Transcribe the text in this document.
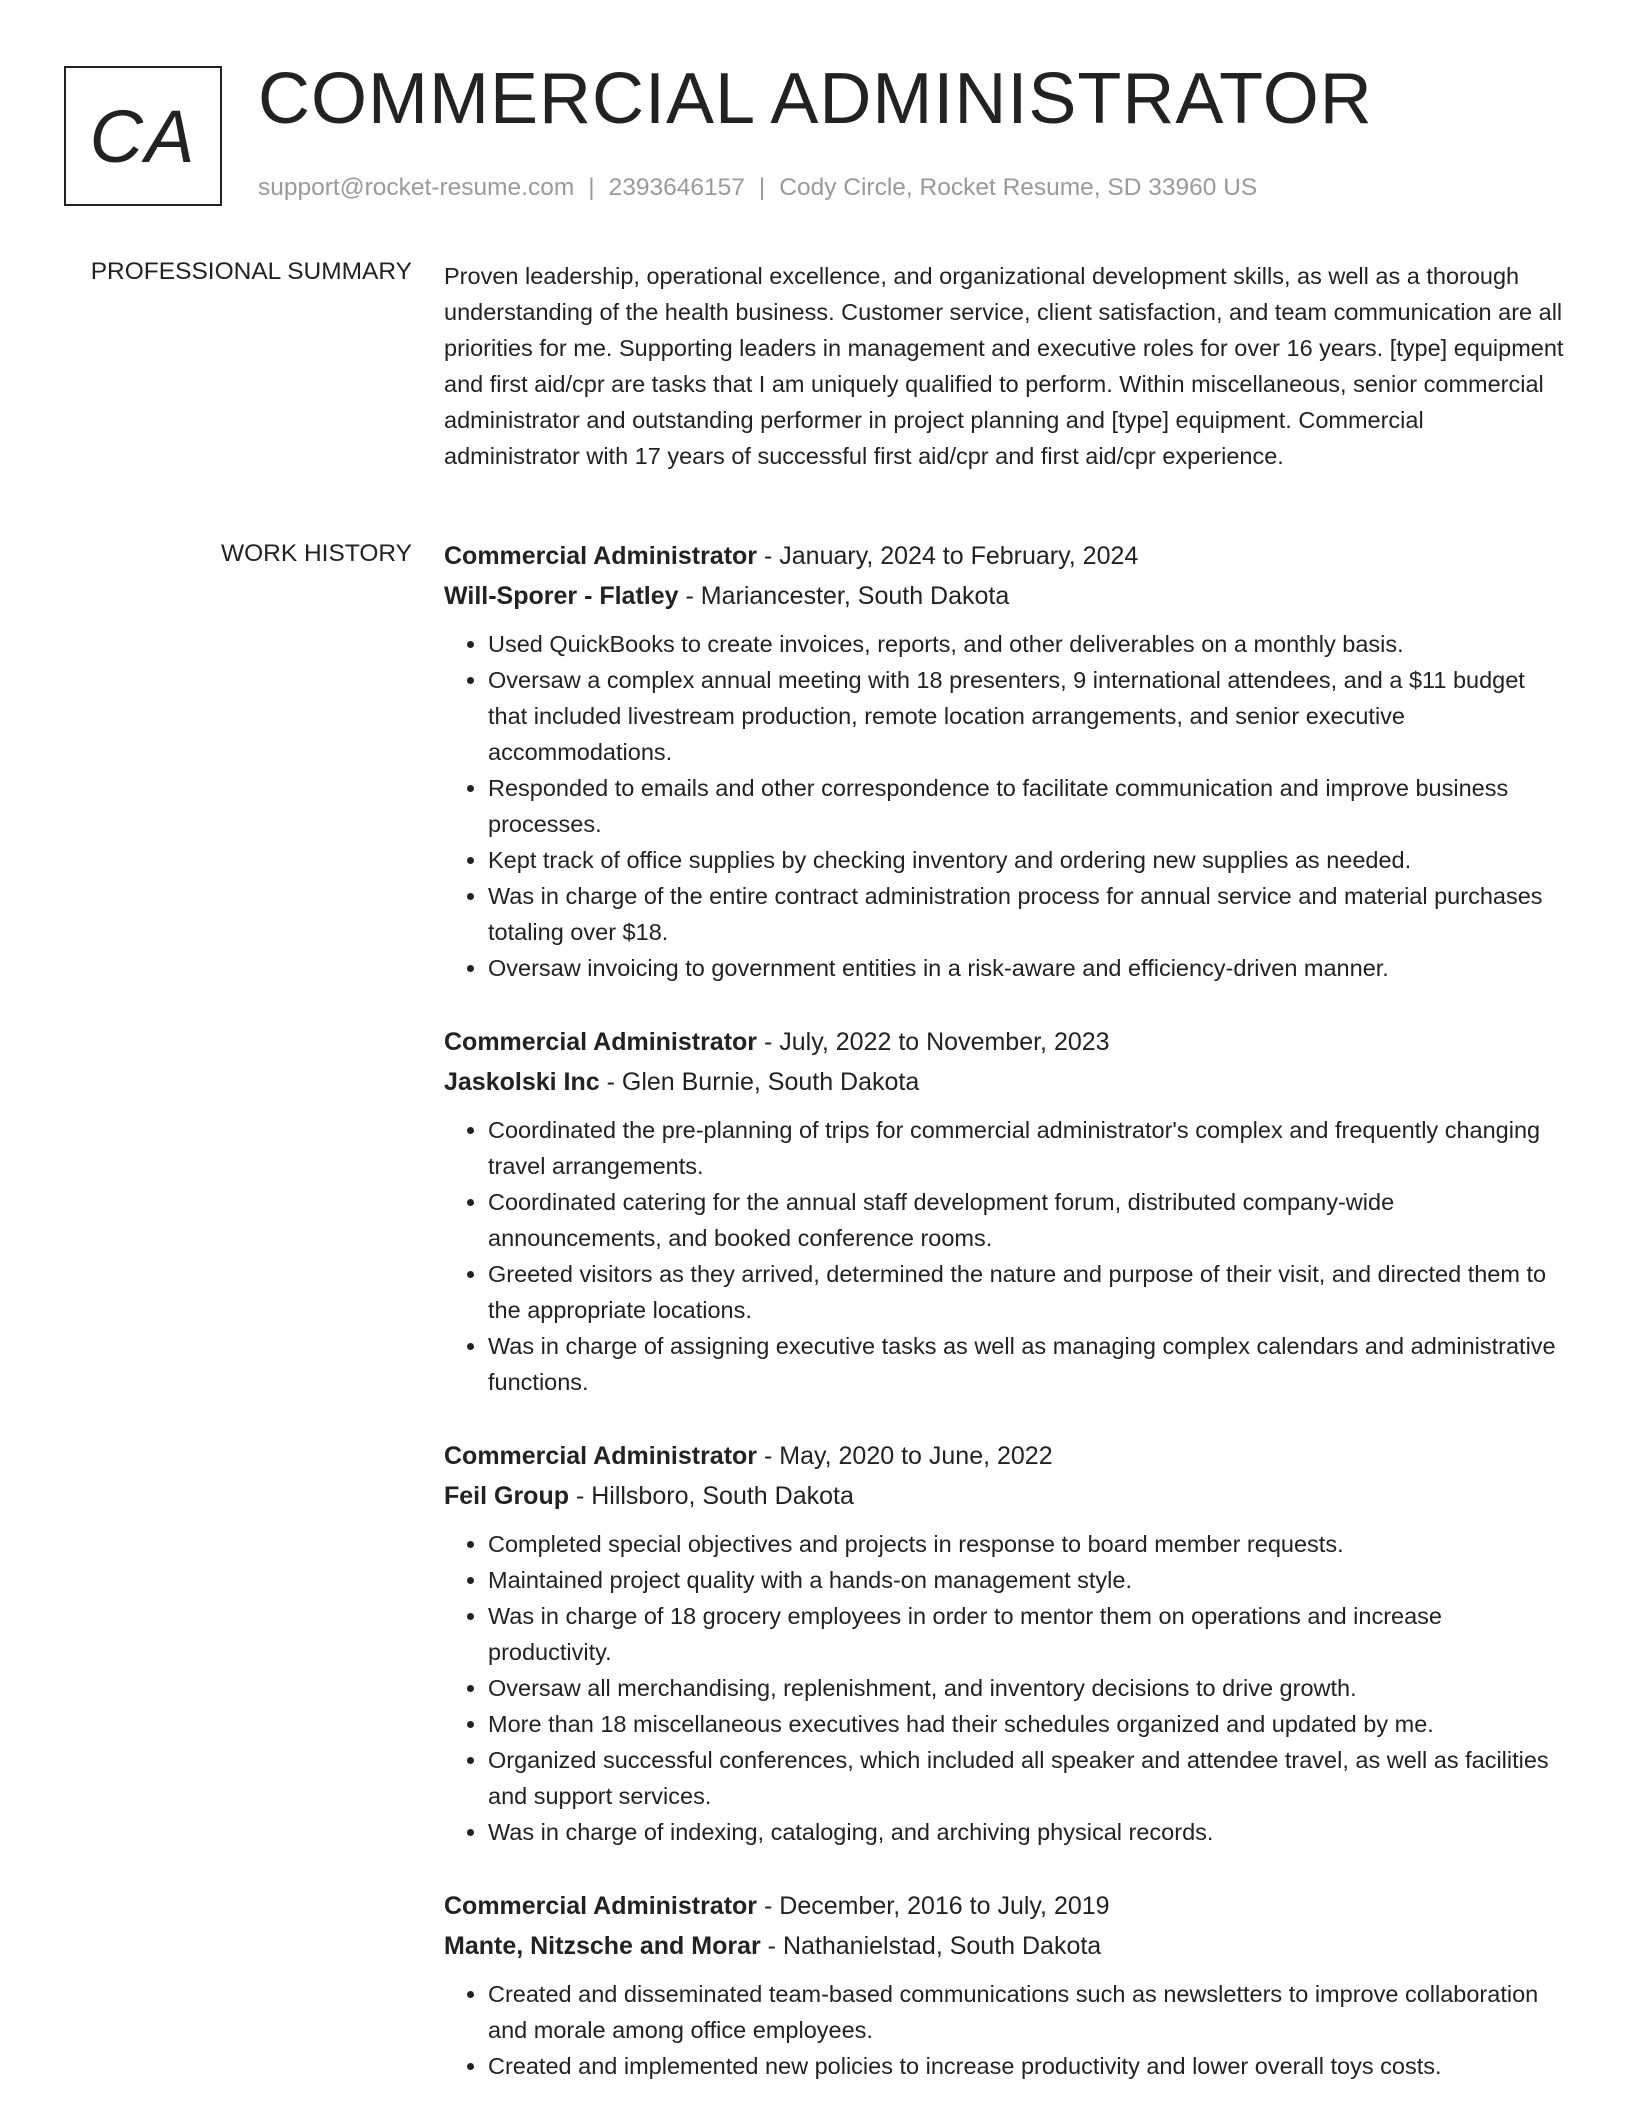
CA COMMERCIAL ADMINISTRATOR
support@rocket-resume.com | 2393646157 | Cody Circle, Rocket Resume, SD 33960 US
PROFESSIONAL SUMMARY Proven leadership, operational excellence, and organizational development skills, as well as a thorough understanding of the health business. Customer service, client satisfaction, and team communication are all priorities for me. Supporting leaders in management and executive roles for over 16 years. [type] equipment and first aid/cpr are tasks that I am uniquely qualified to perform. Within miscellaneous, senior commercial administrator and outstanding performer in project planning and [type] equipment. Commercial administrator with 17 years of successful first aid/cpr and first aid/cpr experience.

WORK HISTORY Commercial Administrator - January, 2024 to February, 2024
Will-Sporer - Flatley - Mariancester, South Dakota
• Used QuickBooks to create invoices, reports, and other deliverables on a monthly basis.
• Oversaw a complex annual meeting with 18 presenters, 9 international attendees, and a $11 budget that included livestream production, remote location arrangements, and senior executive accommodations.
• Responded to emails and other correspondence to facilitate communication and improve business processes.
• Kept track of office supplies by checking inventory and ordering new supplies as needed.
• Was in charge of the entire contract administration process for annual service and material purchases totaling over $18.
• Oversaw invoicing to government entities in a risk-aware and efficiency-driven manner.
Commercial Administrator - July, 2022 to November, 2023
Jaskolski Inc - Glen Burnie, South Dakota
• Coordinated the pre-planning of trips for commercial administrator's complex and frequently changing travel arrangements.
• Coordinated catering for the annual staff development forum, distributed company-wide announcements, and booked conference rooms.
• Greeted visitors as they arrived, determined the nature and purpose of their visit, and directed them to the appropriate locations.
• Was in charge of assigning executive tasks as well as managing complex calendars and administrative functions.
Commercial Administrator - May, 2020 to June, 2022
Feil Group - Hillsboro, South Dakota
• Completed special objectives and projects in response to board member requests.
• Maintained project quality with a hands-on management style.
• Was in charge of 18 grocery employees in order to mentor them on operations and increase productivity.
• Oversaw all merchandising, replenishment, and inventory decisions to drive growth.
• More than 18 miscellaneous executives had their schedules organized and updated by me.
• Organized successful conferences, which included all speaker and attendee travel, as well as facilities and support services.
• Was in charge of indexing, cataloging, and archiving physical records.
Commercial Administrator - December, 2016 to July, 2019
Mante, Nitzsche and Morar - Nathanielstad, South Dakota
• Created and disseminated team-based communications such as newsletters to improve collaboration and morale among office employees.
• Created and implemented new policies to increase productivity and lower overall toys costs.
